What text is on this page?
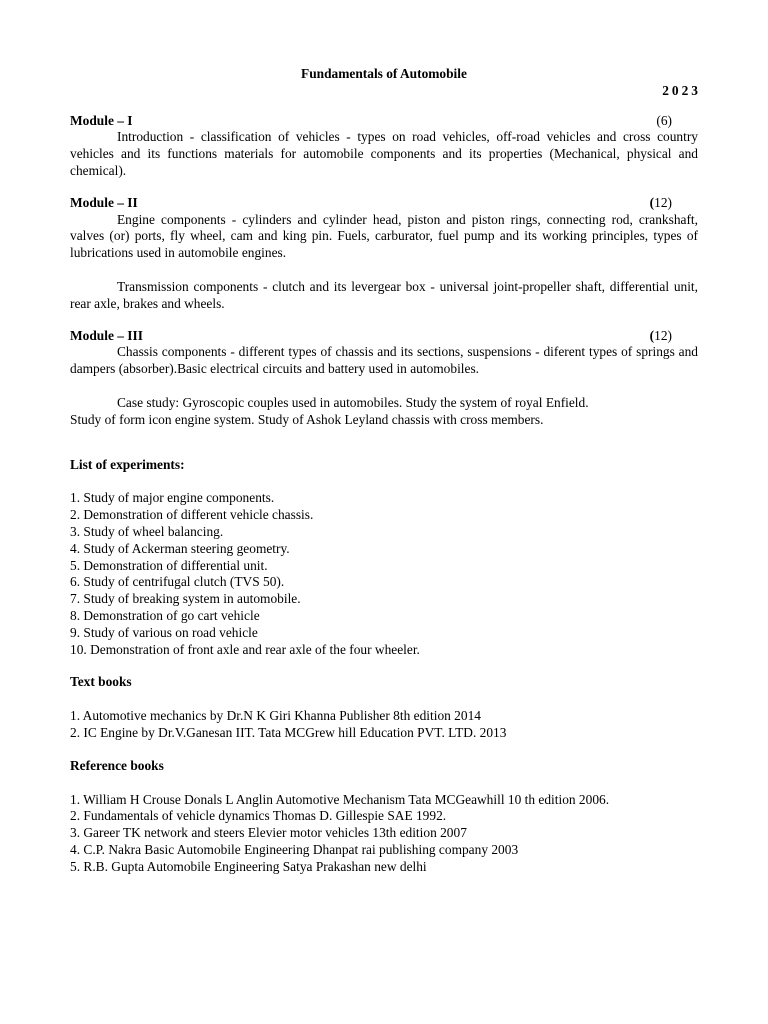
Fundamentals of Automobile
2023
Module – I	(6)
Introduction - classification of vehicles - types on road vehicles, off-road vehicles and cross country vehicles and its functions materials for automobile components and its properties (Mechanical, physical and chemical).
Module – II	(12)
Engine components - cylinders and cylinder head, piston and piston rings, connecting rod, crankshaft, valves (or) ports, fly wheel, cam and king pin. Fuels, carburator, fuel pump and its working principles, types of lubrications used in automobile engines.
Transmission components - clutch and its levergear box - universal joint-propeller shaft, differential unit, rear axle, brakes and wheels.
Module – III	(12)
Chassis components - different types of chassis and its sections, suspensions - diferent types of springs and dampers (absorber).Basic electrical circuits and battery used in automobiles.
Case study: Gyroscopic couples used in automobiles. Study the system of royal Enfield.
Study of form icon engine system. Study of Ashok Leyland chassis with cross members.
List of experiments:
1. Study of major engine components.
2. Demonstration of different vehicle chassis.
3. Study of wheel balancing.
4. Study of Ackerman steering geometry.
5. Demonstration of differential unit.
6. Study of centrifugal clutch (TVS 50).
7. Study of breaking system in automobile.
8. Demonstration of go cart vehicle
9. Study of various on road vehicle
10. Demonstration of front axle and rear axle of the four wheeler.
Text books
1. Automotive mechanics by Dr.N K Giri Khanna Publisher 8th edition 2014
2. IC Engine by Dr.V.Ganesan IIT. Tata MCGrew hill Education PVT. LTD. 2013
Reference books
1. William H Crouse Donals L Anglin Automotive Mechanism Tata MCGeawhill 10 th edition 2006.
2. Fundamentals of vehicle dynamics Thomas D. Gillespie SAE 1992.
3. Gareer TK network and steers Elevier motor vehicles 13th edition 2007
4. C.P. Nakra Basic Automobile Engineering Dhanpat rai publishing company 2003
5. R.B. Gupta Automobile Engineering Satya Prakashan new delhi
